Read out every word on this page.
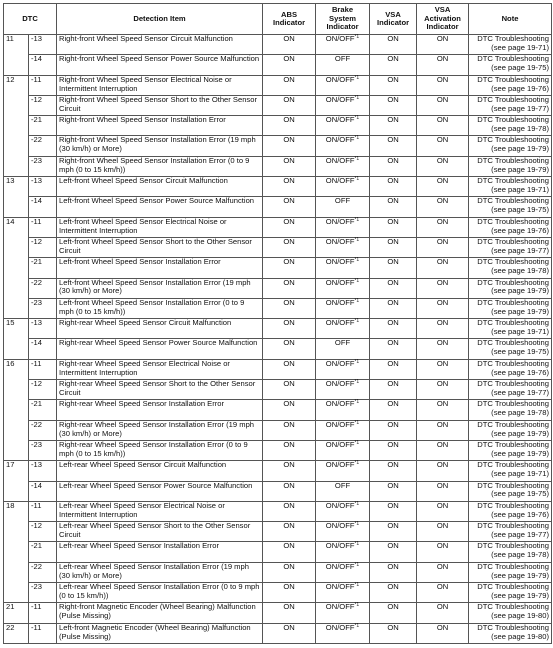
DTC		Detection Item	ABS Indicator	Brake System Indicator	VSA Indicator	VSA Activation Indicator	Note
11	-13	Right-front Wheel Speed Sensor Circuit Malfunction	ON	ON/OFF$^{*1}$	ON	ON	DTC Troubleshooting (see page 19-71)
	-14	Right-front Wheel Speed Sensor Power Source Malfunction	ON	OFF	ON	ON	DTC Troubleshooting (see page 19-75)
12	-11	Right-front Wheel Speed Sensor Electrical Noise or Intermittent Interruption	ON	ON/OFF$^{*1}$	ON	ON	DTC Troubleshooting (see page 19-76)
	-12	Right-front Wheel Speed Sensor Short to the Other Sensor Circuit	ON	ON/OFF$^{*1}$	ON	ON	DTC Troubleshooting (see page 19-77)
	-21	Right-front Wheel Speed Sensor Installation Error	ON	ON/OFF$^{*1}$	ON	ON	DTC Troubleshooting (see page 19-78)
	-22	Right-front Wheel Speed Sensor Installation Error (19 mph (30 km/h) or More)	ON	ON/OFF$^{*1}$	ON	ON	DTC Troubleshooting (see page 19-79)
	-23	Right-front Wheel Speed Sensor Installation Error (0 to 9 mph (0 to 15 km/h))	ON	ON/OFF$^{*1}$	ON	ON	DTC Troubleshooting (see page 19-79)
13	-13	Left-front Wheel Speed Sensor Circuit Malfunction	ON	ON/OFF$^{*1}$	ON	ON	DTC Troubleshooting (see page 19-71)
	-14	Left-front Wheel Speed Sensor Power Source Malfunction	ON	OFF	ON	ON	DTC Troubleshooting (see page 19-75)
14	-11	Left-front Wheel Speed Sensor Electrical Noise or Intermittent Interruption	ON	ON/OFF$^{*1}$	ON	ON	DTC Troubleshooting (see page 19-76)
	-12	Left-front Wheel Speed Sensor Short to the Other Sensor Circuit	ON	ON/OFF$^{*1}$	ON	ON	DTC Troubleshooting (see page 19-77)
	-21	Left-front Wheel Speed Sensor Installation Error	ON	ON/OFF$^{*1}$	ON	ON	DTC Troubleshooting (see page 19-78)
	-22	Left-front Wheel Speed Sensor Installation Error (19 mph (30 km/h) or More)	ON	ON/OFF$^{*1}$	ON	ON	DTC Troubleshooting (see page 19-79)
	-23	Left-front Wheel Speed Sensor Installation Error (0 to 9 mph (0 to 15 km/h))	ON	ON/OFF$^{*1}$	ON	ON	DTC Troubleshooting (see page 19-79)
15	-13	Right-rear Wheel Speed Sensor Circuit Malfunction	ON	ON/OFF$^{*1}$	ON	ON	DTC Troubleshooting (see page 19-71)
	-14	Right-rear Wheel Speed Sensor Power Source Malfunction	ON	OFF	ON	ON	DTC Troubleshooting (see page 19-75)
16	-11	Right-rear Wheel Speed Sensor Electrical Noise or Intermittent Interruption	ON	ON/OFF$^{*1}$	ON	ON	DTC Troubleshooting (see page 19-76)
	-12	Right-rear Wheel Speed Sensor Short to the Other Sensor Circuit	ON	ON/OFF$^{*1}$	ON	ON	DTC Troubleshooting (see page 19-77)
	-21	Right-rear Wheel Speed Sensor Installation Error	ON	ON/OFF$^{*1}$	ON	ON	DTC Troubleshooting (see page 19-78)
	-22	Right-rear Wheel Speed Sensor Installation Error (19 mph (30 km/h) or More)	ON	ON/OFF$^{*1}$	ON	ON	DTC Troubleshooting (see page 19-79)
	-23	Right-rear Wheel Speed Sensor Installation Error (0 to 9 mph (0 to 15 km/h))	ON	ON/OFF$^{*1}$	ON	ON	DTC Troubleshooting (see page 19-79)
17	-13	Left-rear Wheel Speed Sensor Circuit Malfunction	ON	ON/OFF$^{*1}$	ON	ON	DTC Troubleshooting (see page 19-71)
	-14	Left-rear Wheel Speed Sensor Power Source Malfunction	ON	OFF	ON	ON	DTC Troubleshooting (see page 19-75)
18	-11	Left-rear Wheel Speed Sensor Electrical Noise or Intermittent Interruption	ON	ON/OFF$^{*1}$	ON	ON	DTC Troubleshooting (see page 19-76)
	-12	Left-rear Wheel Speed Sensor Short to the Other Sensor Circuit	ON	ON/OFF$^{*1}$	ON	ON	DTC Troubleshooting (see page 19-77)
	-21	Left-rear Wheel Speed Sensor Installation Error	ON	ON/OFF$^{*1}$	ON	ON	DTC Troubleshooting (see page 19-78)
	-22	Left-rear Wheel Speed Sensor Installation Error (19 mph (30 km/h) or More)	ON	ON/OFF$^{*1}$	ON	ON	DTC Troubleshooting (see page 19-79)
	-23	Left-rear Wheel Speed Sensor Installation Error (0 to 9 mph (0 to 15 km/h))	ON	ON/OFF$^{*1}$	ON	ON	DTC Troubleshooting (see page 19-79)
21	-11	Right-front Magnetic Encoder (Wheel Bearing) Malfunction (Pulse Missing)	ON	ON/OFF$^{*1}$	ON	ON	DTC Troubleshooting (see page 19-80)
22	-11	Left-front Magnetic Encoder (Wheel Bearing) Malfunction (Pulse Missing)	ON	ON/OFF$^{*1}$	ON	ON	DTC Troubleshooting (see page 19-80)
